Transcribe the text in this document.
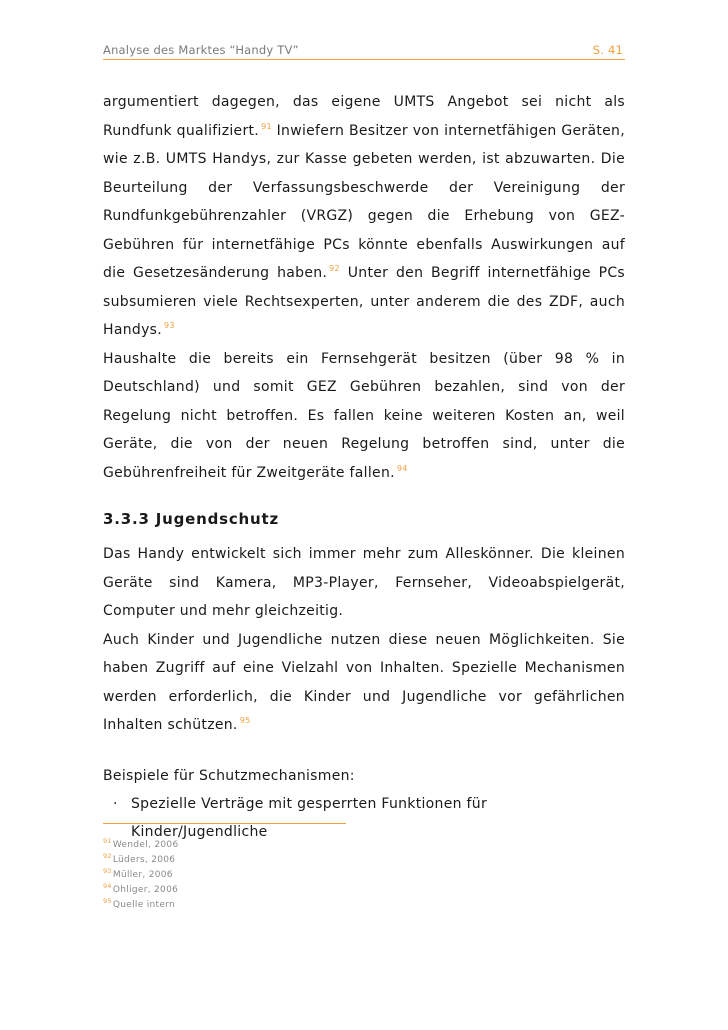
Analyse des Marktes “Handy TV”	S. 41

argumentiert dagegen, das eigene UMTS Angebot sei nicht als Rundfunk qualifiziert. $^{91}$ Inwiefern Besitzer von internetfähigen Geräten, wie z.B. UMTS Handys, zur Kasse gebeten werden, ist abzuwarten. Die Beurteilung der Verfassungsbeschwerde der Vereinigung der Rundfunkgebührenzahler (VRGZ) gegen die Erhebung von GEZ-Gebühren für internetfähige PCs könnte ebenfalls Auswirkungen auf die Gesetzesänderung haben. $^{92}$ Unter den Begriff internetfähige PCs subsumieren viele Rechtsexperten, unter anderem die des ZDF, auch Handys. $^{93}$

Haushalte die bereits ein Fernsehgerät besitzen (über 98 % in Deutschland) und somit GEZ Gebühren bezahlen, sind von der Regelung nicht betroffen. Es fallen keine weiteren Kosten an, weil Geräte, die von der neuen Regelung betroffen sind, unter die Gebührenfreiheit für Zweitgeräte fallen. $^{94}$

3.3.3 Jugendschutz

Das Handy entwickelt sich immer mehr zum Alleskönner. Die kleinen Geräte sind Kamera, MP3-Player, Fernseher, Videoabspielgerät, Computer und mehr gleichzeitig.

Auch Kinder und Jugendliche nutzen diese neuen Möglichkeiten. Sie haben Zugriff auf eine Vielzahl von Inhalten. Spezielle Mechanismen werden erforderlich, die Kinder und Jugendliche vor gefährlichen Inhalten schützen. $^{95}$

Beispiele für Schutzmechanismen:

· Spezielle Verträge mit gesperrten Funktionen für Kinder/Jugendliche

$^{91}$Wendel, 2006
$^{92}$Lüders, 2006
$^{93}$Müller, 2006
$^{94}$Ohliger, 2006
$^{95}$Quelle intern
